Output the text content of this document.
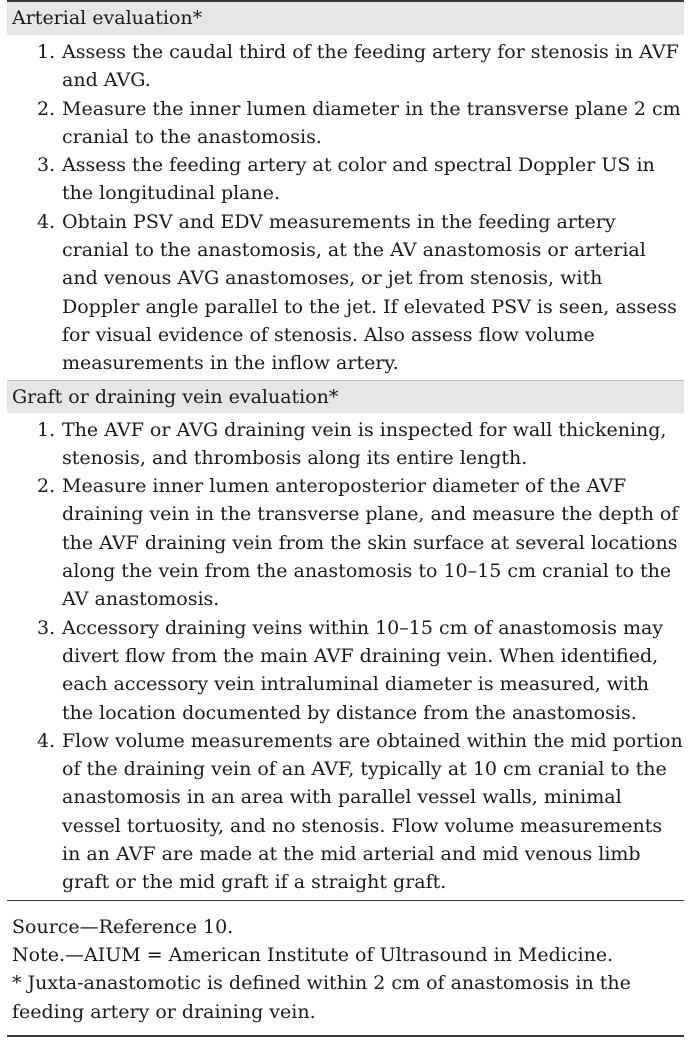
Arterial evaluation*
1. Assess the caudal third of the feeding artery for stenosis in AVF and AVG.
2. Measure the inner lumen diameter in the transverse plane 2 cm cranial to the anastomosis.
3. Assess the feeding artery at color and spectral Doppler US in the longitudinal plane.
4. Obtain PSV and EDV measurements in the feeding artery cranial to the anastomosis, at the AV anastomosis or arterial and venous AVG anastomoses, or jet from stenosis, with Doppler angle parallel to the jet. If elevated PSV is seen, assess for visual evidence of stenosis. Also assess flow volume measurements in the inflow artery.
Graft or draining vein evaluation*
1. The AVF or AVG draining vein is inspected for wall thickening, stenosis, and thrombosis along its entire length.
2. Measure inner lumen anteroposterior diameter of the AVF draining vein in the transverse plane, and measure the depth of the AVF draining vein from the skin surface at several locations along the vein from the anastomosis to 10–15 cm cranial to the AV anastomosis.
3. Accessory draining veins within 10–15 cm of anastomosis may divert flow from the main AVF draining vein. When identified, each accessory vein intraluminal diameter is measured, with the location documented by distance from the anastomosis.
4. Flow volume measurements are obtained within the mid portion of the draining vein of an AVF, typically at 10 cm cranial to the anastomosis in an area with parallel vessel walls, minimal vessel tortuosity, and no stenosis. Flow volume measurements in an AVF are made at the mid arterial and mid venous limb graft or the mid graft if a straight graft.
Source—Reference 10.
Note.—AIUM = American Institute of Ultrasound in Medicine.
* Juxta-anastomotic is defined within 2 cm of anastomosis in the feeding artery or draining vein.
